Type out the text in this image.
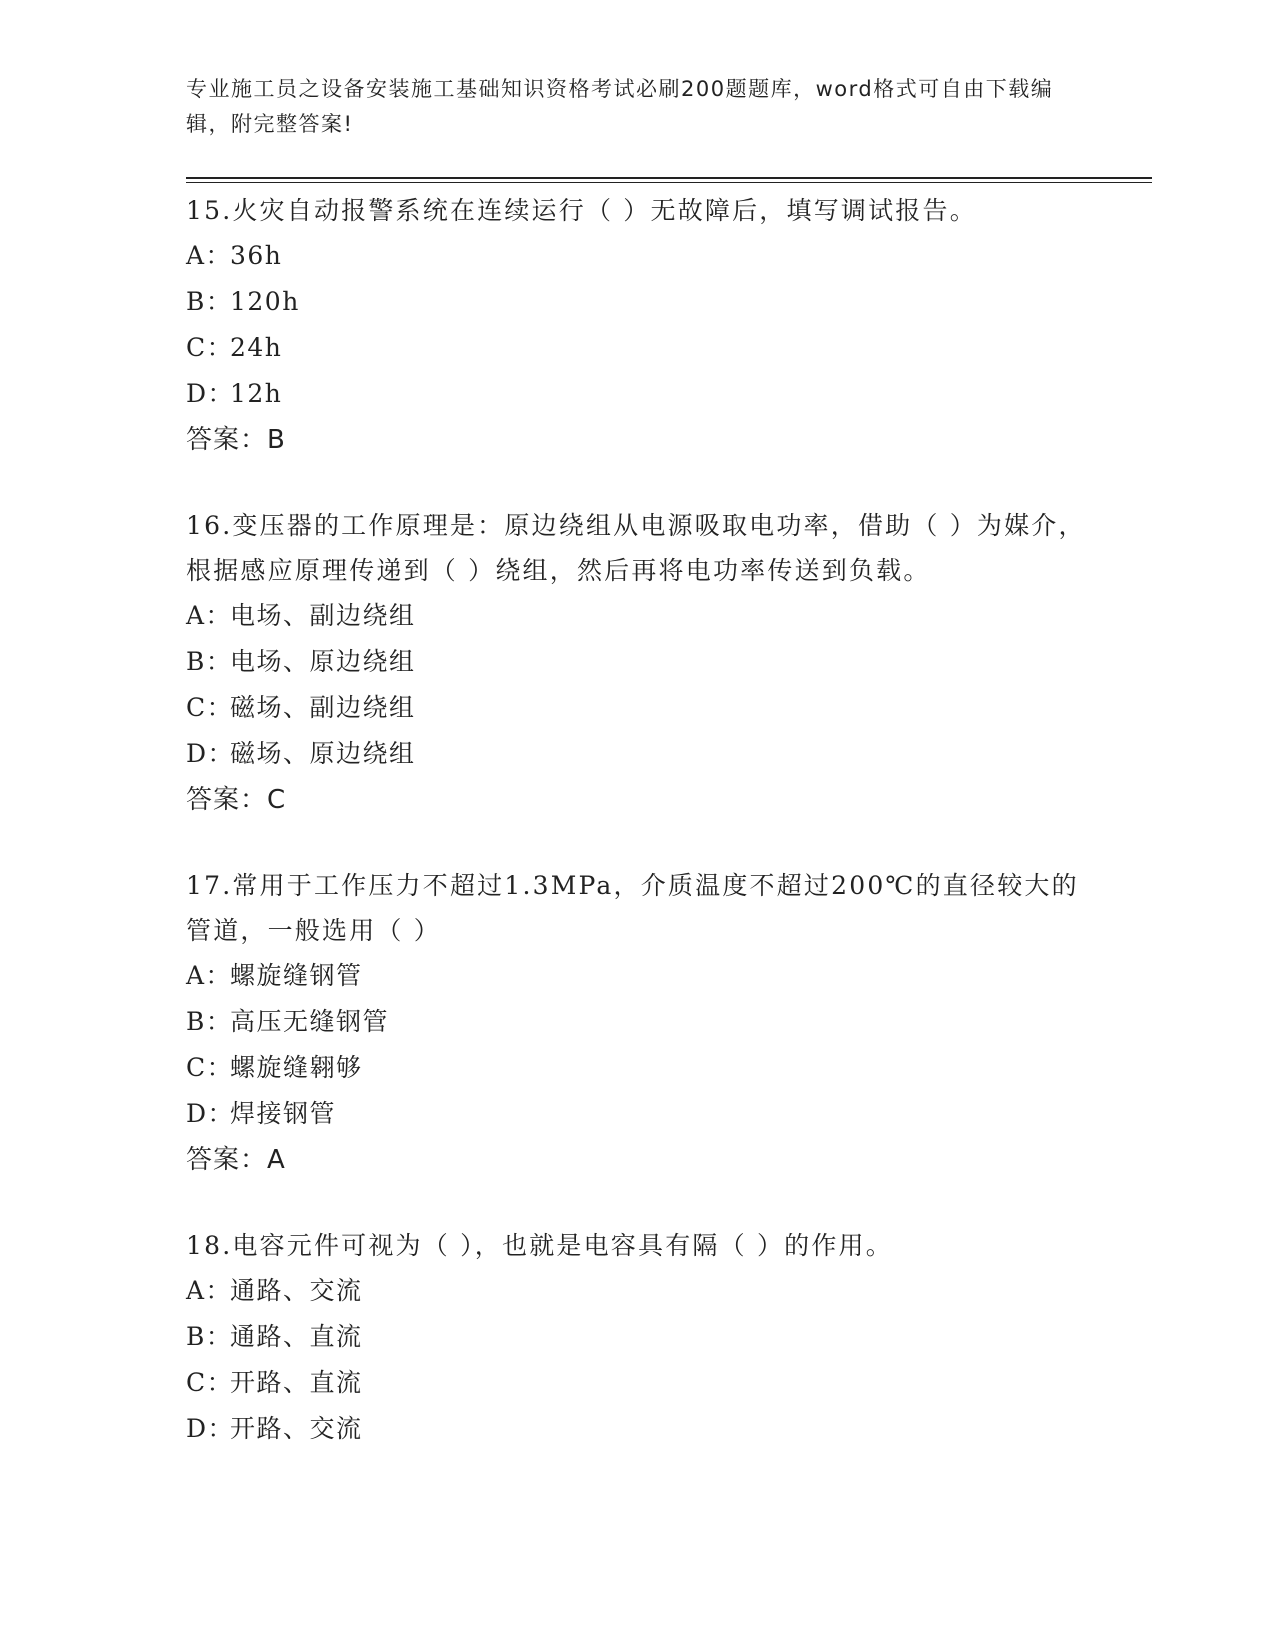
专业施工员之设备安装施工基础知识资格考试必刷200题题库，word格式可自由下载编辑，附完整答案!
15.火灾自动报警系统在连续运行（ ）无故障后，填写调试报告。
A：36h
B：120h
C：24h
D：12h
答案：B
16.变压器的工作原理是：原边绕组从电源吸取电功率，借助（ ）为媒介，根据感应原理传递到（ ）绕组，然后再将电功率传送到负载。
A：电场、副边绕组
B：电场、原边绕组
C：磁场、副边绕组
D：磁场、原边绕组
答案：C
17.常用于工作压力不超过1.3MPa，介质温度不超过200℃的直径较大的管道，一般选用（ ）
A：螺旋缝钢管
B：高压无缝钢管
C：螺旋缝翱够
D：焊接钢管
答案：A
18.电容元件可视为（ ），也就是电容具有隔（ ）的作用。
A：通路、交流
B：通路、直流
C：开路、直流
D：开路、交流
